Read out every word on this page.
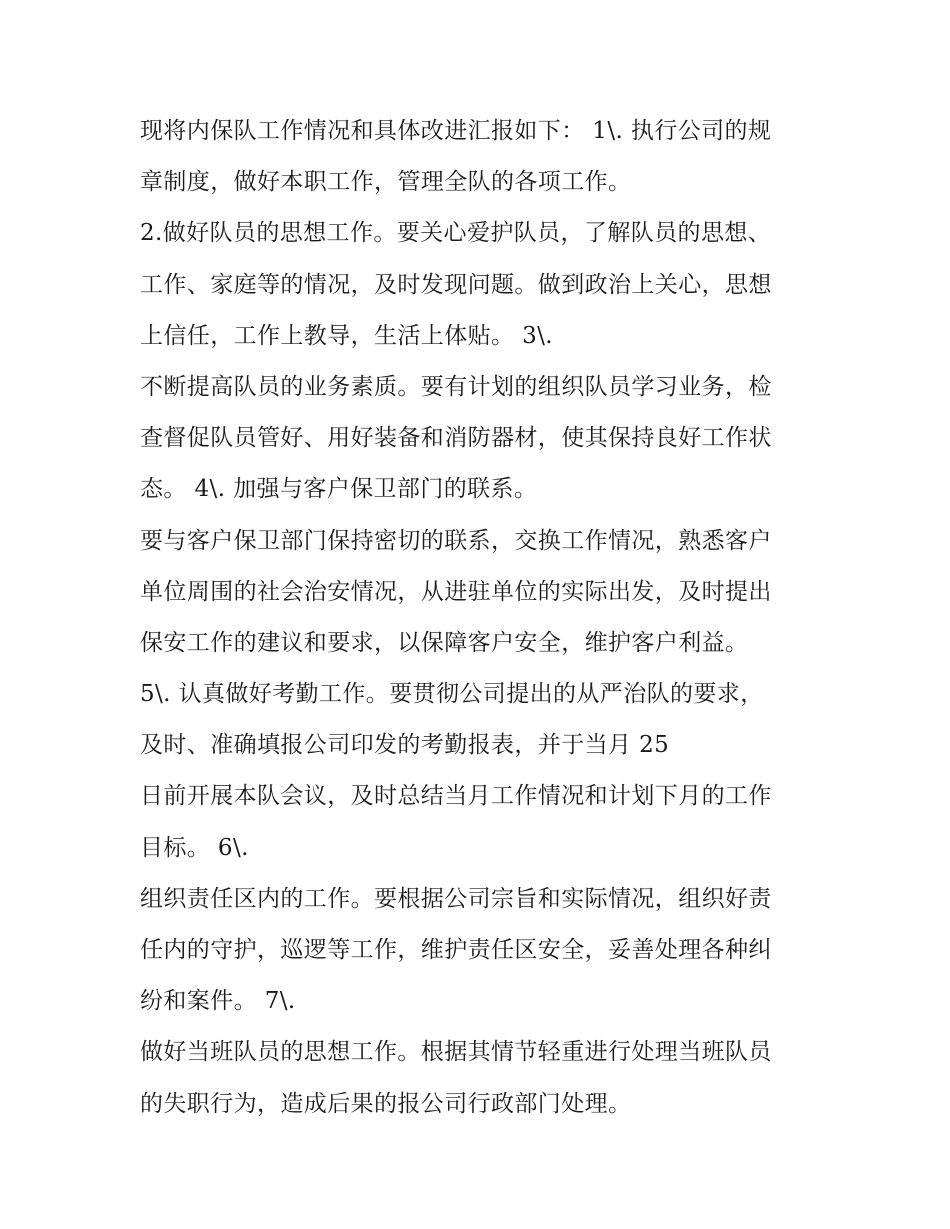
现将内保队工作情况和具体改进汇报如下： 1\. 执行公司的规
章制度，做好本职工作，管理全队的各项工作。
2.做好队员的思想工作。要关心爱护队员，了解队员的思想、
工作、家庭等的情况，及时发现问题。做到政治上关心，思想
上信任，工作上教导，生活上体贴。 3\.
不断提高队员的业务素质。要有计划的组织队员学习业务，检
查督促队员管好、用好装备和消防器材，使其保持良好工作状
态。 4\. 加强与客户保卫部门的联系。
要与客户保卫部门保持密切的联系，交换工作情况，熟悉客户
单位周围的社会治安情况，从进驻单位的实际出发，及时提出
保安工作的建议和要求，以保障客户安全，维护客户利益。
5\. 认真做好考勤工作。要贯彻公司提出的从严治队的要求，
及时、准确填报公司印发的考勤报表，并于当月 25
日前开展本队会议，及时总结当月工作情况和计划下月的工作
目标。 6\.
组织责任区内的工作。要根据公司宗旨和实际情况，组织好责
任内的守护，巡逻等工作，维护责任区安全，妥善处理各种纠
纷和案件。 7\.
做好当班队员的思想工作。根据其情节轻重进行处理当班队员
的失职行为，造成后果的报公司行政部门处理。
